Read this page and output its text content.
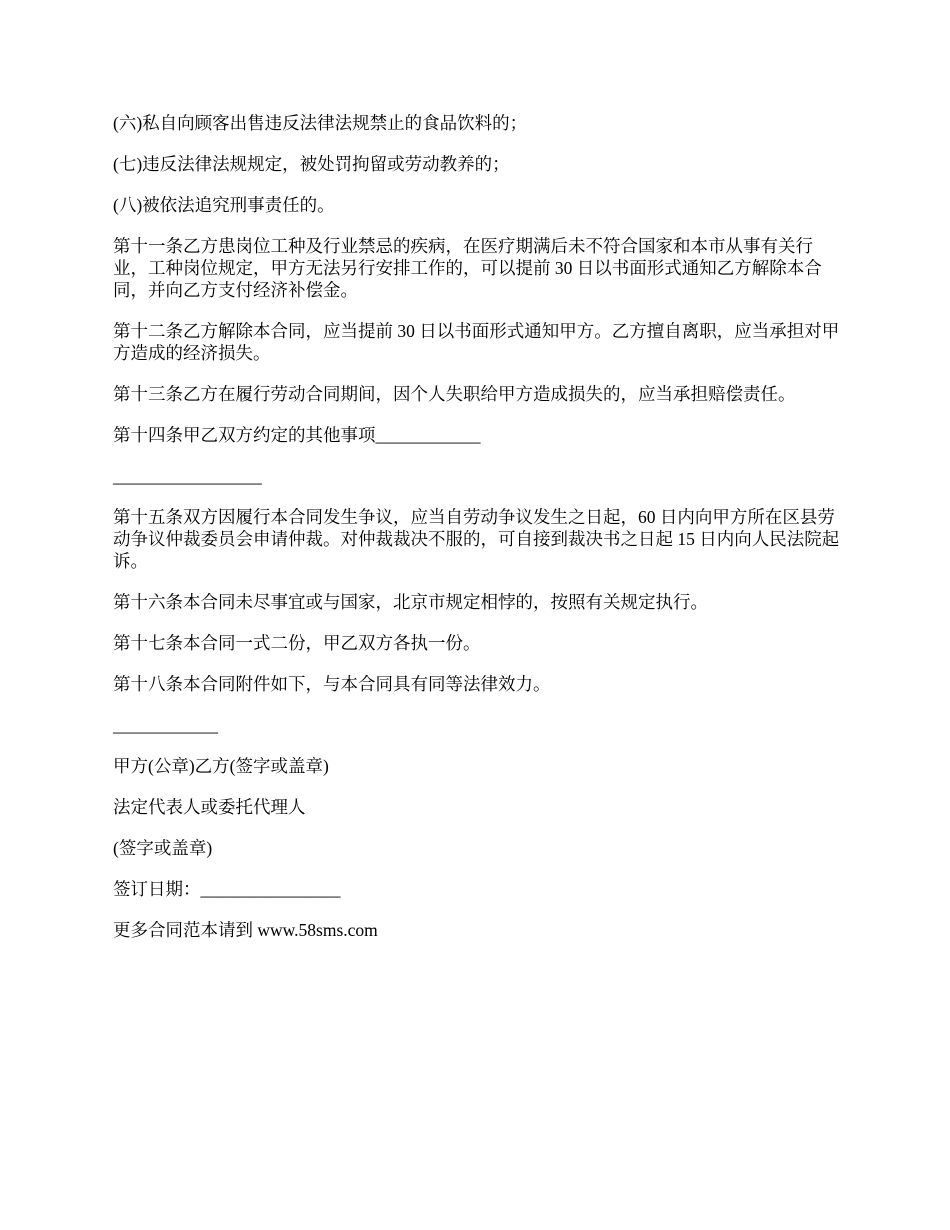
(六)私自向顾客出售违反法律法规禁止的食品饮料的；

(七)违反法律法规规定，被处罚拘留或劳动教养的；

(八)被依法追究刑事责任的。

第十一条乙方患岗位工种及行业禁忌的疾病，在医疗期满后未不符合国家和本市从事有关行业，工种岗位规定，甲方无法另行安排工作的，可以提前 30 日以书面形式通知乙方解除本合同，并向乙方支付经济补偿金。

第十二条乙方解除本合同，应当提前 30 日以书面形式通知甲方。乙方擅自离职，应当承担对甲方造成的经济损失。

第十三条乙方在履行劳动合同期间，因个人失职给甲方造成损失的，应当承担赔偿责任。

第十四条甲乙双方约定的其他事项____________

_________________

第十五条双方因履行本合同发生争议，应当自劳动争议发生之日起，60 日内向甲方所在区县劳动争议仲裁委员会申请仲裁。对仲裁裁决不服的，可自接到裁决书之日起 15 日内向人民法院起诉。

第十六条本合同未尽事宜或与国家，北京市规定相悖的，按照有关规定执行。

第十七条本合同一式二份，甲乙双方各执一份。

第十八条本合同附件如下，与本合同具有同等法律效力。

____________

甲方(公章)乙方(签字或盖章)

法定代表人或委托代理人

(签字或盖章)

签订日期：________________

更多合同范本请到 www.58sms.com
